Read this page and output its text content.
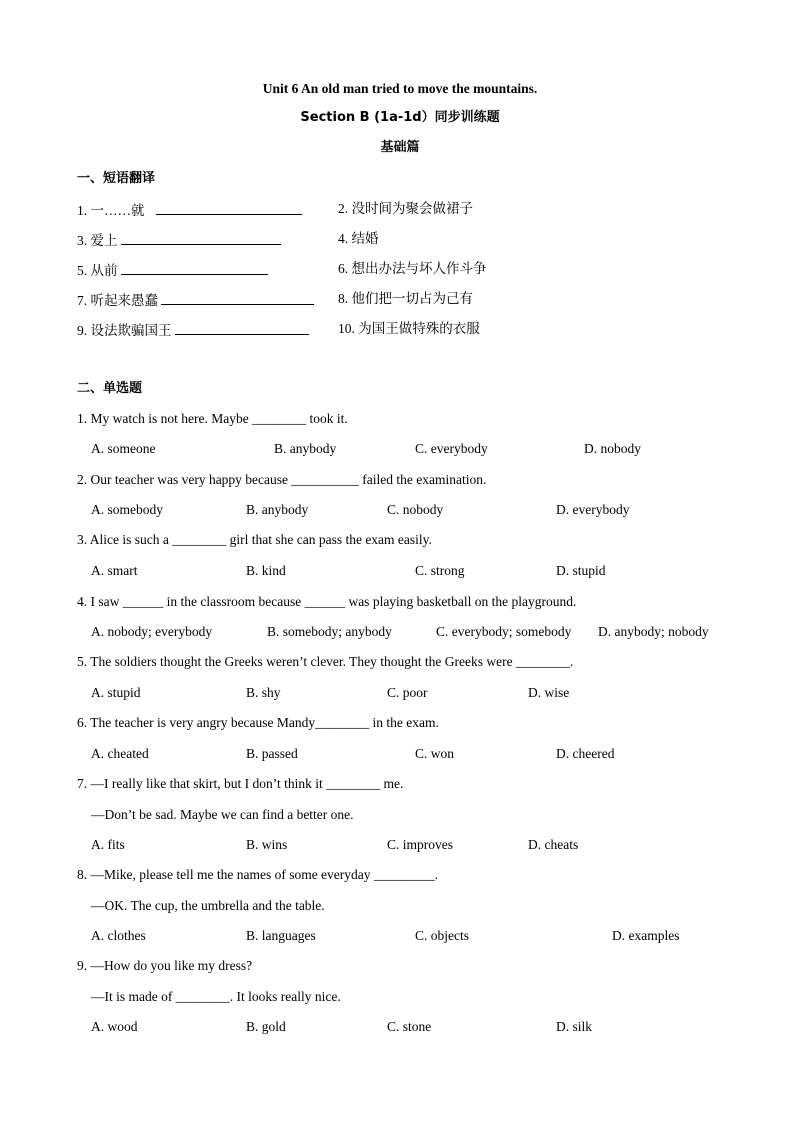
Unit 6 An old man tried to move the mountains.
Section B (1a-1d）同步训练题
基础篇
一、短语翻译
1. 一……就	2. 没时间为聚会做裙子
3. 爱上	4. 结婚
5. 从前	6. 想出办法与坏人作斗争
7. 听起来愚蠢	8. 他们把一切占为己有
9. 设法欺骗国王	10. 为国王做特殊的衣服
二、单选题
1. My watch is not here. Maybe ________ took it.
A. someone	B. anybody	C. everybody	D. nobody
2. Our teacher was very happy because __________ failed the examination.
A. somebody	B. anybody	C. nobody	D. everybody
3. Alice is such a ________ girl that she can pass the exam easily.
A. smart	B. kind	C. strong	D. stupid
4. I saw ______ in the classroom because ______ was playing basketball on the playground.
A. nobody; everybody	B. somebody; anybody	C. everybody; somebody D. anybody; nobody
5. The soldiers thought the Greeks weren’t clever. They thought the Greeks were ________.
A. stupid	B. shy	C. poor	D. wise
6. The teacher is very angry because Mandy________ in the exam.
A. cheated	B. passed	C. won	D. cheered
7. —I really like that skirt, but I don’t think it ________ me.
—Don’t be sad. Maybe we can find a better one.
A. fits	B. wins	C. improves	D. cheats
8. —Mike, please tell me the names of some everyday _________.
—OK. The cup, the umbrella and the table.
A. clothes	B. languages	C. objects	D. examples
9. —How do you like my dress?
—It is made of ________. It looks really nice.
A. wood	B. gold	C. stone	D. silk
